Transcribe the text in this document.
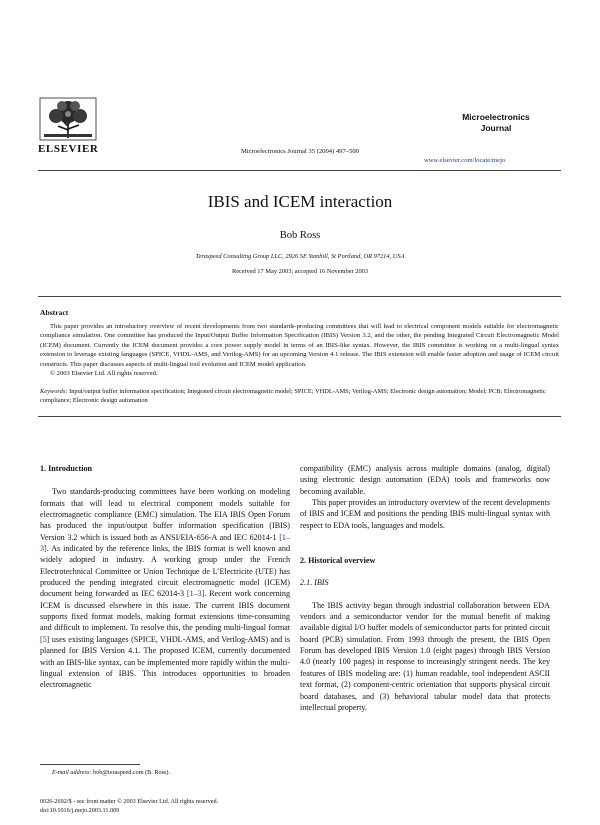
ELSEVIER	Microelectronics Journal 35 (2004) 497–500
Microelectronics
Journal
www.elsevier.com/locate/mejo
IBIS and ICEM interaction
Bob Ross
Teraspeed Consulting Group LLC, 2926 SE Yamhill, St Portland, OR 97214, USA
Received 17 May 2003; accepted 16 November 2003
Abstract

This paper provides an introductory overview of recent developments from two standards-producing committees that will lead to electrical component models suitable for electromagnetic compliance simulation. One committee has produced the Input/Output Buffer Information Specification (IBIS) Version 3.2, and the other, the pending Integrated Circuit Electromagnetic Model (ICEM) document. Currently the ICEM document provides a core power supply model in terms of an IBIS-like syntax. However, the IBIS committee is working on a multi-lingual syntax extension to leverage existing languages (SPICE, VHDL-AMS, and Verilog-AMS) for an upcoming Version 4.1 release. The IBIS extension will enable faster adoption and usage of ICEM circuit constructs. This paper discusses aspects of multi-lingual tool evolution and ICEM model application.

© 2003 Elsevier Ltd. All rights reserved.

Keywords: Input/output buffer information specification; Integrated circuit electromagnetic model; SPICE; VHDL-AMS; Verilog-AMS; Electronic design automation; Model; PCB; Electromagnetic compliance; Electronic design automation
1. Introduction

Two standards-producing committees have been working on modeling formats that will lead to electrical component models suitable for electromagnetic compliance (EMC) simulation. The EIA IBIS Open Forum has produced the input/output buffer information specification (IBIS) Version 3.2 which is issued both as ANSI/EIA-656-A and IEC 62014-1 [1–3]. As indicated by the reference links, the IBIS format is well known and widely adopted in industry. A working group under the French Electrotechnical Committee or Union Technique de L’Electricite (UTE) has produced the pending integrated circuit electromagnetic model (ICEM) document being forwarded as IEC 62014-3 [1–3]. Recent work concerning ICEM is discussed elsewhere in this issue. The current IBIS document supports fixed format models, making format extensions time-consuming and difficult to implement. To resolve this, the pending multi-lingual format [5] uses existing languages (SPICE, VHDL-AMS, and Verilog-AMS) and is planned for IBIS Version 4.1. The proposed ICEM, currently documented with an IBIS-like syntax, can be implemented more rapidly within the multi-lingual extension of IBIS. This introduces opportunities to broaden electromagnetic

compatibility (EMC) analysis across multiple domains (analog, digital) using electronic design automation (EDA) tools and frameworks now becoming available.

This paper provides an introductory overview of the recent developments of IBIS and ICEM and positions the pending IBIS multi-lingual syntax with respect to EDA tools, languages and models.

2. Historical overview
2.1. IBIS

The IBIS activity began through industrial collaboration between EDA vendors and a semiconductor vendor for the mutual benefit of making available digital I/O buffer models of semiconductor parts for printed circuit board (PCB) simulation. From 1993 through the present, the IBIS Open Forum has developed IBIS Version 1.0 (eight pages) through IBIS Version 4.0 (nearly 100 pages) in response to increasingly stringent needs. The key features of IBIS modeling are: (1) human readable, tool independent ASCII text format, (2) component-centric orientation that supports physical circuit board databases, and (3) behavioral tabular model data that protects intellectual property.

E-mail address: bob@teraspeed.com (B. Ross).
0026-2692/$ - see front matter © 2003 Elsevier Ltd. All rights reserved.
doi:10.1016/j.mejo.2003.11.009
